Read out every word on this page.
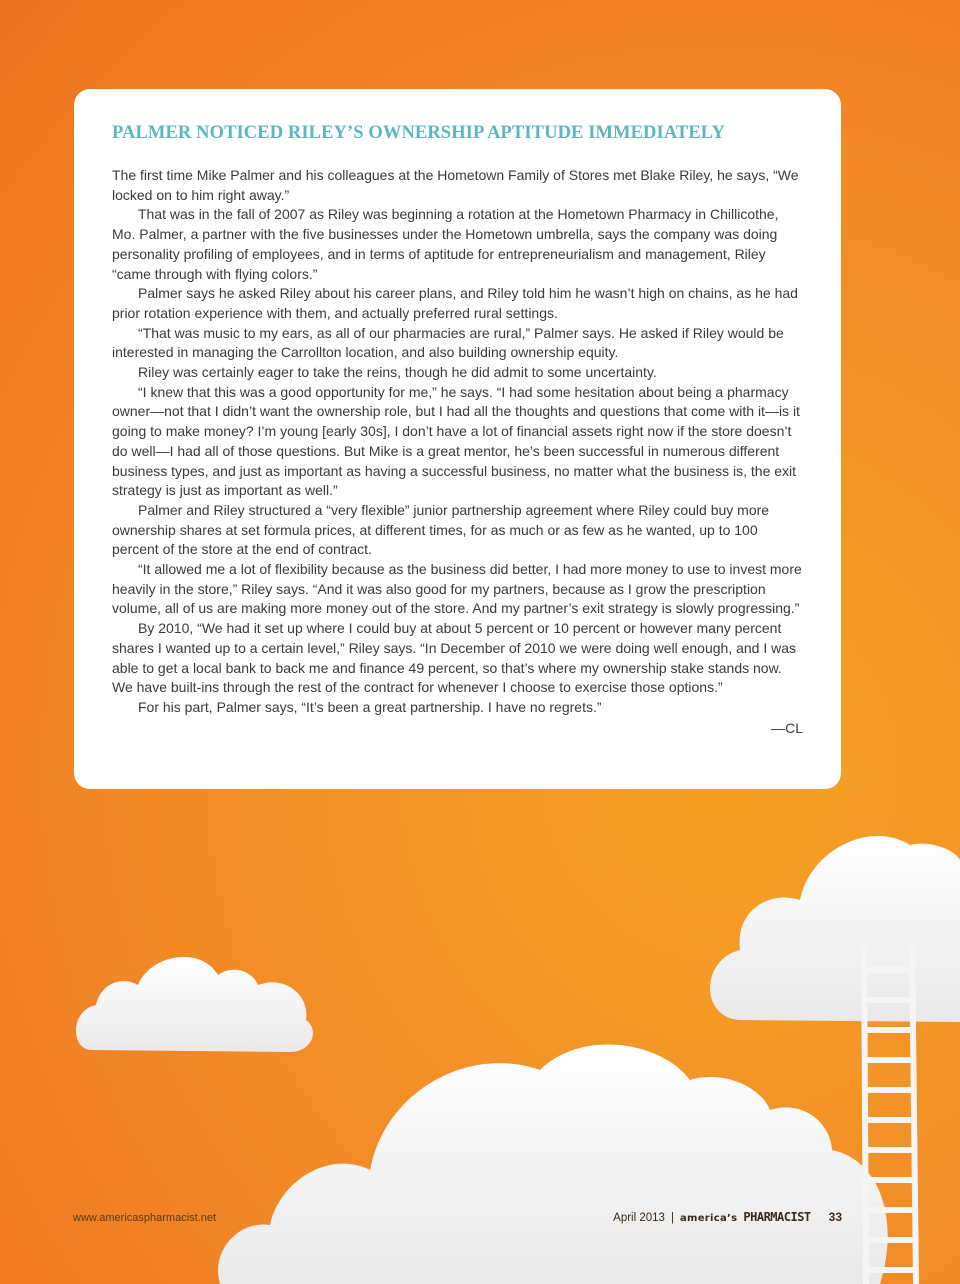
PALMER NOTICED RILEY’S OWNERSHIP APTITUDE IMMEDIATELY

The first time Mike Palmer and his colleagues at the Hometown Family of Stores met Blake Riley, he says, “We locked on to him right away.”

That was in the fall of 2007 as Riley was beginning a rotation at the Hometown Pharmacy in Chillicothe, Mo. Palmer, a partner with the five businesses under the Hometown umbrella, says the company was doing personality profiling of employees, and in terms of aptitude for entrepreneurialism and management, Riley “came through with flying colors.”

Palmer says he asked Riley about his career plans, and Riley told him he wasn’t high on chains, as he had prior rotation experience with them, and actually preferred rural settings.

“That was music to my ears, as all of our pharmacies are rural,” Palmer says. He asked if Riley would be interested in managing the Carrollton location, and also building ownership equity.

Riley was certainly eager to take the reins, though he did admit to some uncertainty.

“I knew that this was a good opportunity for me,” he says. “I had some hesitation about being a pharmacy owner—not that I didn’t want the ownership role, but I had all the thoughts and questions that come with it—is it going to make money? I’m young [early 30s], I don’t have a lot of financial assets right now if the store doesn’t do well—I had all of those questions. But Mike is a great mentor, he’s been successful in numerous different business types, and just as important as having a successful business, no matter what the business is, the exit strategy is just as important as well.”

Palmer and Riley structured a “very flexible” junior partnership agreement where Riley could buy more ownership shares at set formula prices, at different times, for as much or as few as he wanted, up to 100 percent of the store at the end of contract.

“It allowed me a lot of flexibility because as the business did better, I had more money to use to invest more heavily in the store,” Riley says. “And it was also good for my partners, because as I grow the prescription volume, all of us are making more money out of the store. And my partner’s exit strategy is slowly progressing.”

By 2010, “We had it set up where I could buy at about 5 percent or 10 percent or however many percent shares I wanted up to a certain level,” Riley says. “In December of 2010 we were doing well enough, and I was able to get a local bank to back me and finance 49 percent, so that’s where my ownership stake stands now. We have built-ins through the rest of the contract for whenever I choose to exercise those options.”

For his part, Palmer says, “It’s been a great partnership. I have no regrets.”

—CL
www.americaspharmacist.net	April 2013 | america’s PHARMACIST 33
